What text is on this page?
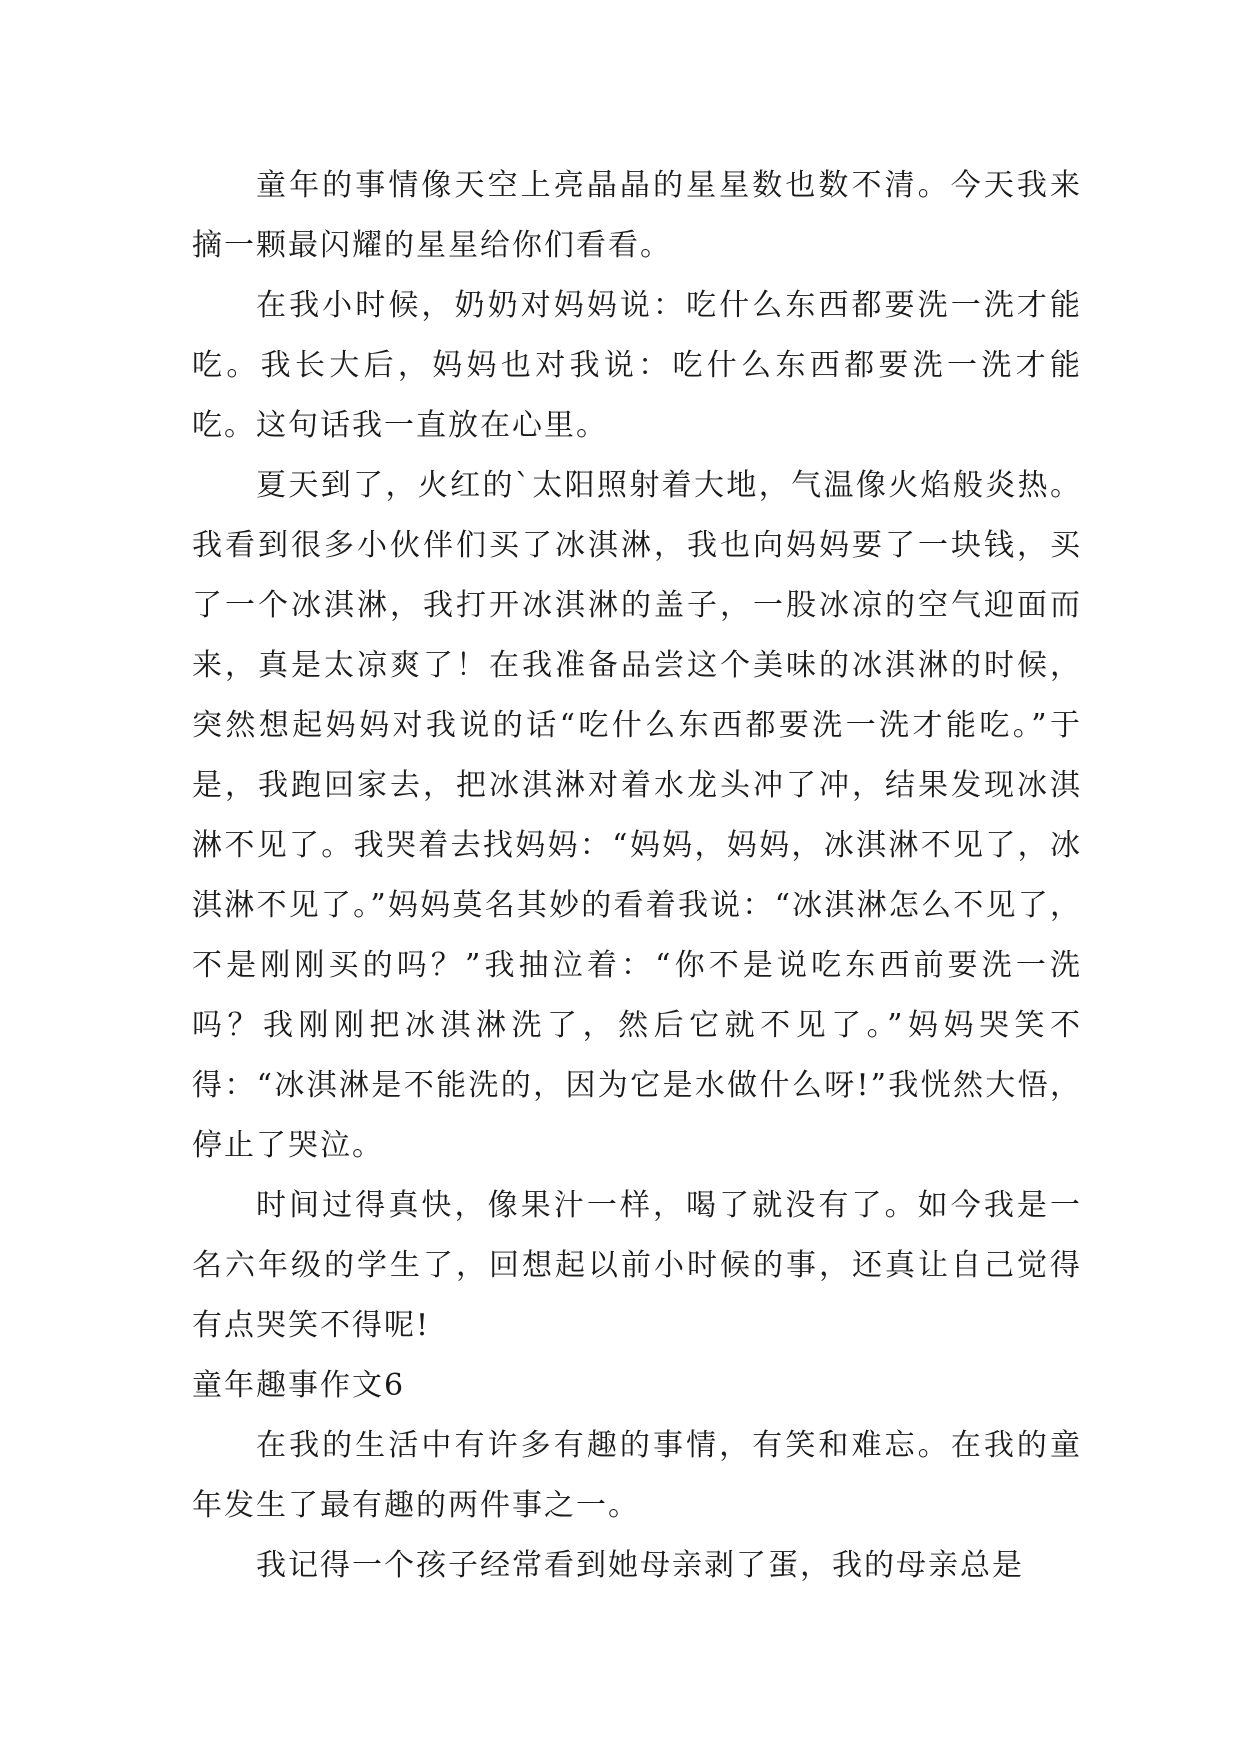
童年的事情像天空上亮晶晶的星星数也数不清。今天我来摘一颗最闪耀的星星给你们看看。

在我小时候，奶奶对妈妈说：吃什么东西都要洗一洗才能吃。我长大后，妈妈也对我说：吃什么东西都要洗一洗才能吃。这句话我一直放在心里。

夏天到了，火红的`太阳照射着大地，气温像火焰般炎热。我看到很多小伙伴们买了冰淇淋，我也向妈妈要了一块钱，买了一个冰淇淋，我打开冰淇淋的盖子，一股冰凉的空气迎面而来，真是太凉爽了！在我准备品尝这个美味的冰淇淋的时候，突然想起妈妈对我说的话“吃什么东西都要洗一洗才能吃。”于是，我跑回家去，把冰淇淋对着水龙头冲了冲，结果发现冰淇淋不见了。我哭着去找妈妈：“妈妈，妈妈，冰淇淋不见了，冰淇淋不见了。”妈妈莫名其妙的看着我说：“冰淇淋怎么不见了，不是刚刚买的吗？”我抽泣着：“你不是说吃东西前要洗一洗吗？我刚刚把冰淇淋洗了，然后它就不见了。”妈妈哭笑不得：“冰淇淋是不能洗的，因为它是水做什么呀!”我恍然大悟，停止了哭泣。

时间过得真快，像果汁一样，喝了就没有了。如今我是一名六年级的学生了，回想起以前小时候的事，还真让自己觉得有点哭笑不得呢!

童年趣事作文6

在我的生活中有许多有趣的事情，有笑和难忘。在我的童年发生了最有趣的两件事之一。

我记得一个孩子经常看到她母亲剥了蛋，我的母亲总是
